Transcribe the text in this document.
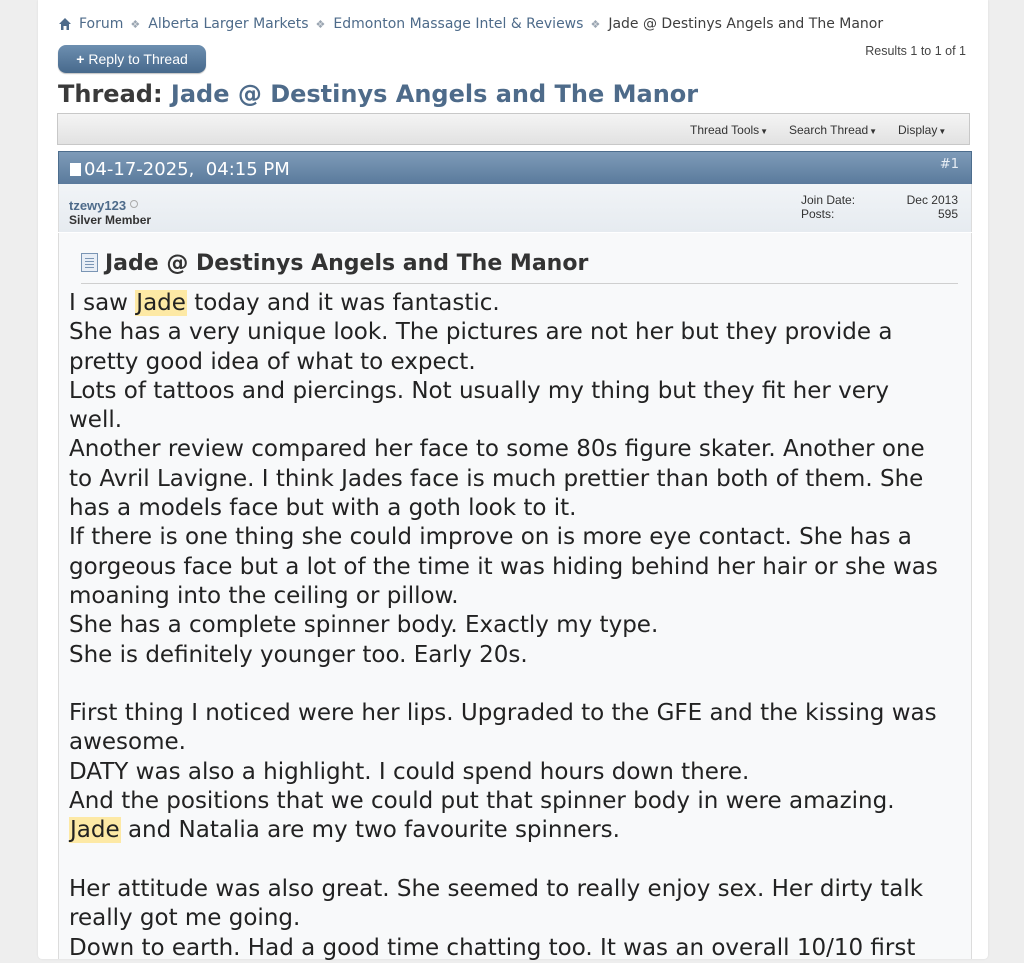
Forum ❖ Alberta Larger Markets ❖ Edmonton Massage Intel & Reviews ❖ Jade @ Destinys Angels and The Manor
+ Reply to Thread	Results 1 to 1 of 1
Thread: Jade @ Destinys Angels and The Manor
Thread Tools▼ Search Thread▼ Display▼
04-17-2025, 04:15 PM	#1
tzewy123
Silver Member
Join Date:	Dec 2013
Posts:	595
Jade @ Destinys Angels and The Manor
I saw Jade today and it was fantastic.
She has a very unique look. The pictures are not her but they provide a
pretty good idea of what to expect.
Lots of tattoos and piercings. Not usually my thing but they fit her very
well.
Another review compared her face to some 80s figure skater. Another one
to Avril Lavigne. I think Jades face is much prettier than both of them. She
has a models face but with a goth look to it.
If there is one thing she could improve on is more eye contact. She has a
gorgeous face but a lot of the time it was hiding behind her hair or she was
moaning into the ceiling or pillow.
She has a complete spinner body. Exactly my type.
She is definitely younger too. Early 20s.

First thing I noticed were her lips. Upgraded to the GFE and the kissing was
awesome.
DATY was also a highlight. I could spend hours down there.
And the positions that we could put that spinner body in were amazing.
Jade and Natalia are my two favourite spinners.

Her attitude was also great. She seemed to really enjoy sex. Her dirty talk
really got me going.
Down to earth. Had a good time chatting too. It was an overall 10/10 first
